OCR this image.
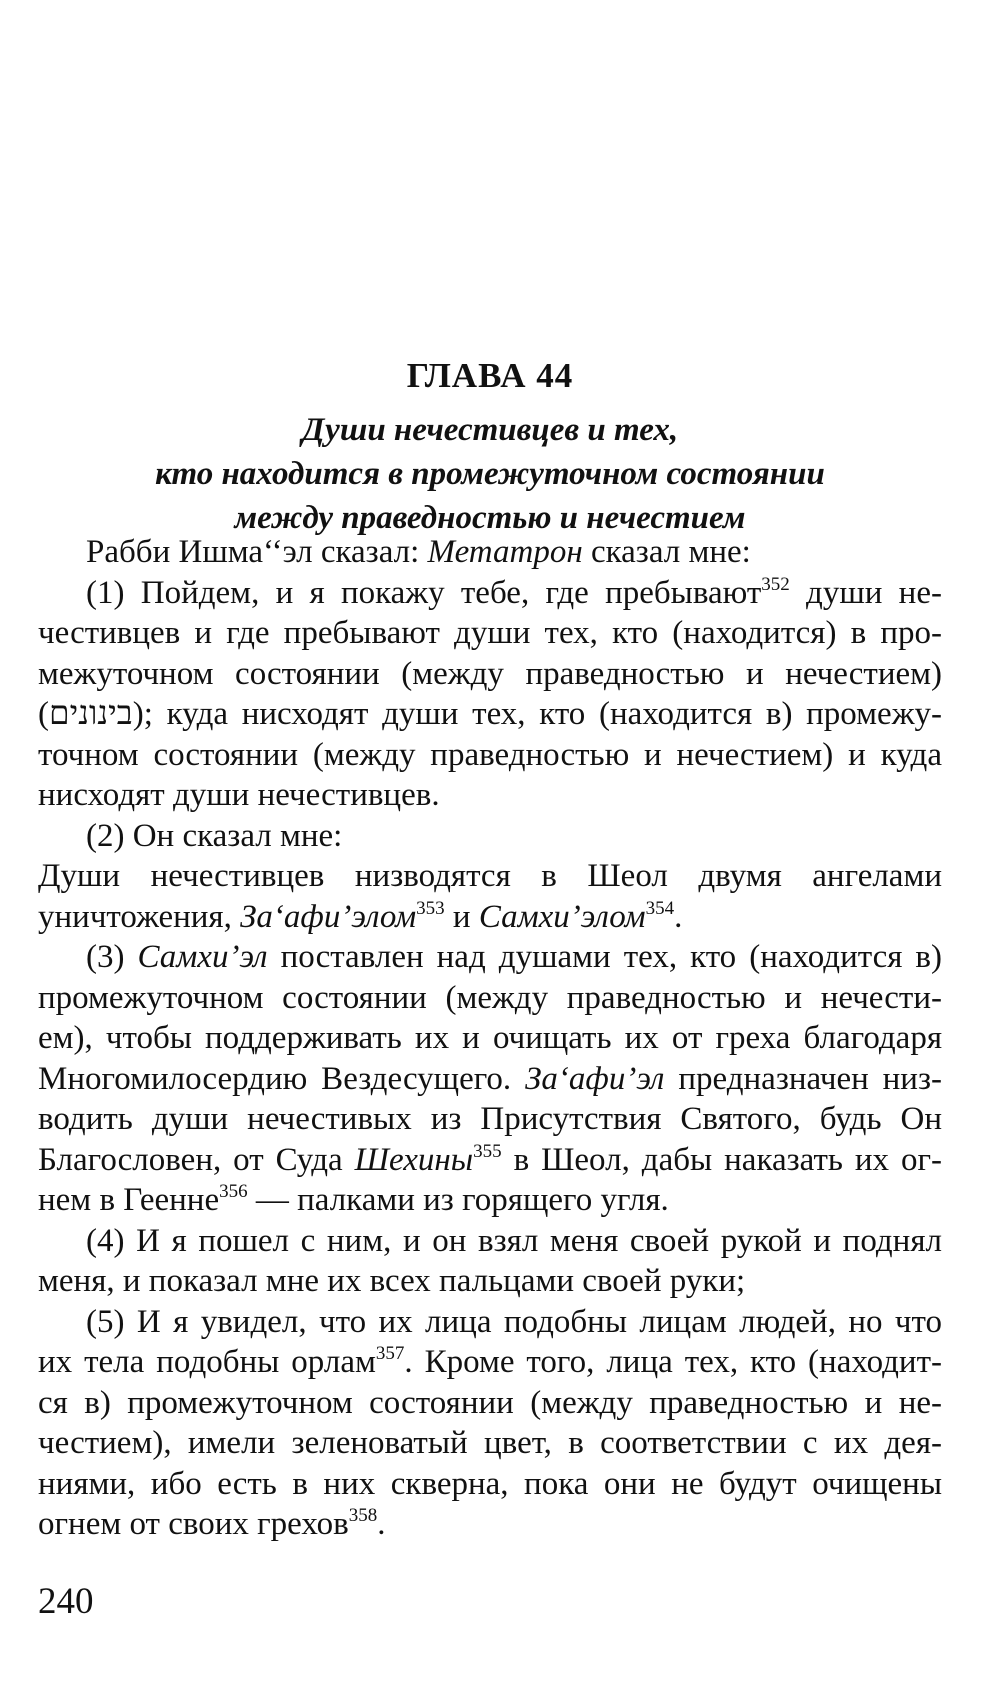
ГЛАВА 44
Души нечестивцев и тех,
кто находится в промежуточном состоянии
между праведностью и нечестием
Рабби Ишма‘‘эл сказал: Метатрон сказал мне:
(1) Пойдем, и я покажу тебе, где пребывают$^{352}$ души не-
честивцев и где пребывают души тех, кто (находится) в про-
межуточном состоянии (между праведностью и нечестием)
(בינונים); куда нисходят души тех, кто (находится в) промежу-
точном состоянии (между праведностью и нечестием) и куда
нисходят души нечестивцев.
(2) Он сказал мне:
Души нечестивцев низводятся в Шеол двумя ангелами
уничтожения, За‘афи’элом$^{353}$ и Самхи’элом$^{354}$.
(3) Самхи’эл поставлен над душами тех, кто (находится в)
промежуточном состоянии (между праведностью и нечести-
ем), чтобы поддерживать их и очищать их от греха благодаря
Многомилосердию Вездесущего. За‘афи’эл предназначен низ-
водить души нечестивых из Присутствия Святого, будь Он
Благословен, от Суда Шехины$^{355}$ в Шеол, дабы наказать их ог-
нем в Геенне$^{356}$ — палками из горящего угля.
(4) И я пошел с ним, и он взял меня своей рукой и поднял
меня, и показал мне их всех пальцами своей руки;
(5) И я увидел, что их лица подобны лицам людей, но что
их тела подобны орлам$^{357}$. Кроме того, лица тех, кто (находит-
ся в) промежуточном состоянии (между праведностью и не-
честием), имели зеленоватый цвет, в соответствии с их дея-
ниями, ибо есть в них скверна, пока они не будут очищены
огнем от своих грехов$^{358}$.
240
